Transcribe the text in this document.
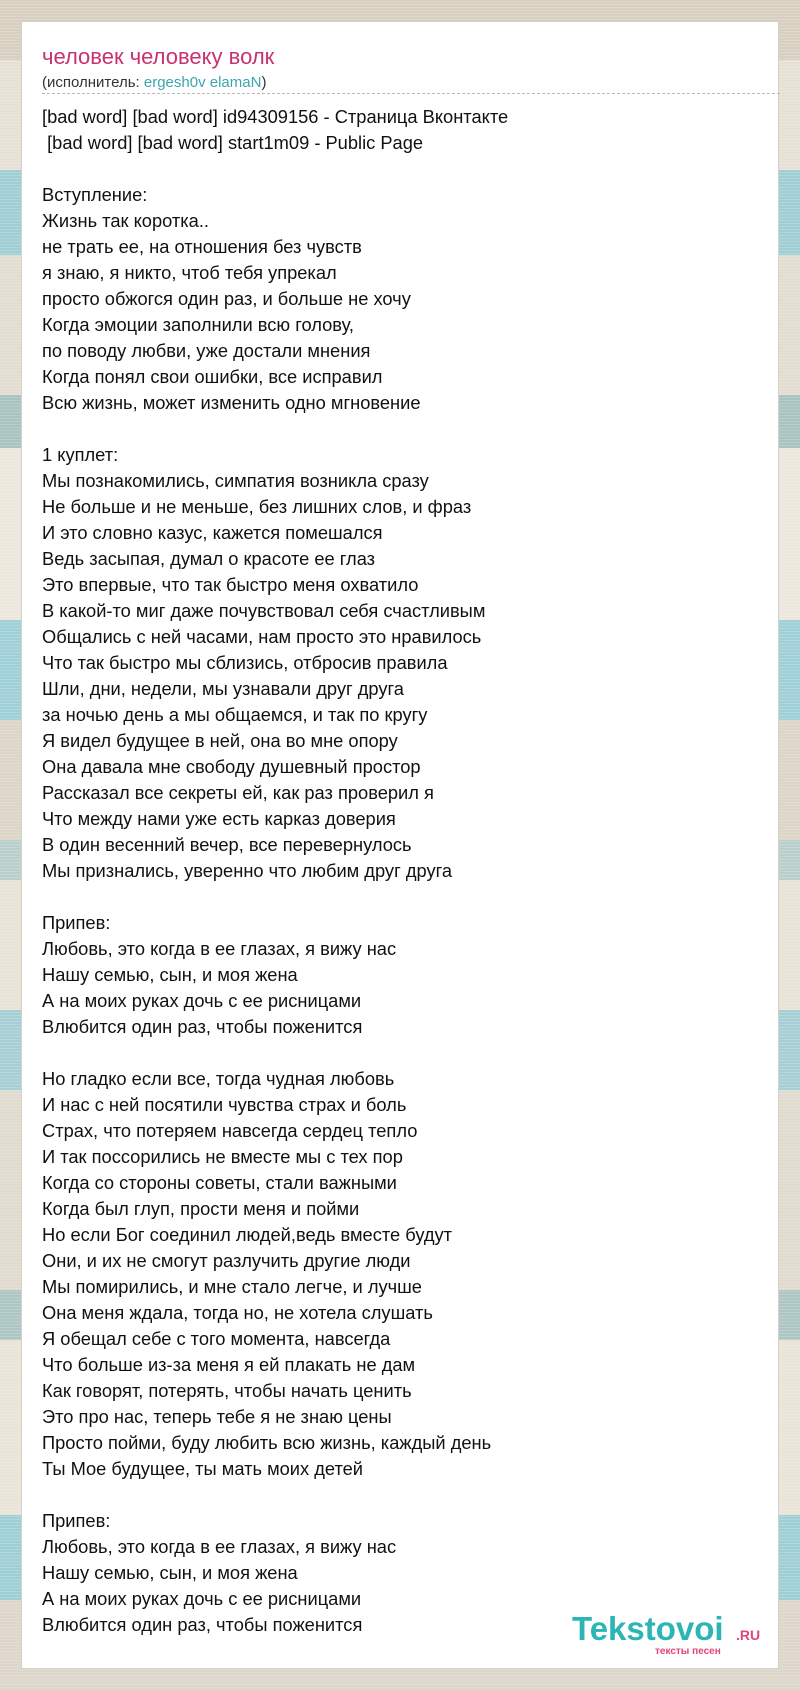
человек человеку волк
(исполнитель: ergesh0v elamaN)
[bad word] [bad word] id94309156 - Страница Вконтакте
[bad word] [bad word] start1m09 - Public Page
Вступление:
Жизнь так коротка..
не трать ее, на отношения без чувств
я знаю, я никто, чтоб тебя упрекал
просто обжогся один раз, и больше не хочу
Когда эмоции заполнили всю голову,
по поводу любви, уже достали мнения
Когда понял свои ошибки, все исправил
Всю жизнь, может изменить одно мгновение
1 куплет:
Мы познакомились, симпатия возникла сразу
Не больше и не меньше, без лишних слов, и фраз
И это словно казус, кажется помешался
Ведь засыпая, думал о красоте ее глаз
Это впервые, что так быстро меня охватило
В какой-то миг даже почувствовал себя счастливым
Общались с ней часами, нам просто это нравилось
Что так быстро мы сблизись, отбросив правила
Шли, дни, недели, мы узнавали друг друга
за ночью день а мы общаемся, и так по кругу
Я видел будущее в ней, она во мне опору
Она давала мне свободу душевный простор
Рассказал все секреты ей, как раз проверил я
Что между нами уже есть карказ доверия
В один весенний вечер, все перевернулось
Мы признались, уверенно что любим друг друга
Припев:
Любовь, это когда в ее глазах, я вижу нас
Нашу семью, сын, и моя жена
А на моих руках дочь с ее рисницами
Влюбится один раз, чтобы поженится
Но гладко если все, тогда чудная любовь
И нас с ней посятили чувства страх и боль
Страх, что потеряем навсегда сердец тепло
И так поссорились не вместе мы с тех пор
Когда со стороны советы, стали важными
Когда был глуп, прости меня и пойми
Но если Бог соединил людей,ведь вместе будут
Они, и их не смогут разлучить другие люди
Мы помирились, и мне стало легче, и лучше
Она меня ждала, тогда но, не хотела слушать
Я обещал себе с того момента, навсегда
Что больше из-за меня я ей плакать не дам
Как говорят, потерять, чтобы начать ценить
Это про нас, теперь тебе я не знаю цены
Просто пойми, буду любить всю жизнь, каждый день
Ты Мое будущее, ты мать моих детей
Припев:
Любовь, это когда в ее глазах, я вижу нас
Нашу семью, сын, и моя жена
А на моих руках дочь с ее рисницами
Влюбится один раз, чтобы поженится	Tekstovoi .RU
тексты песен
